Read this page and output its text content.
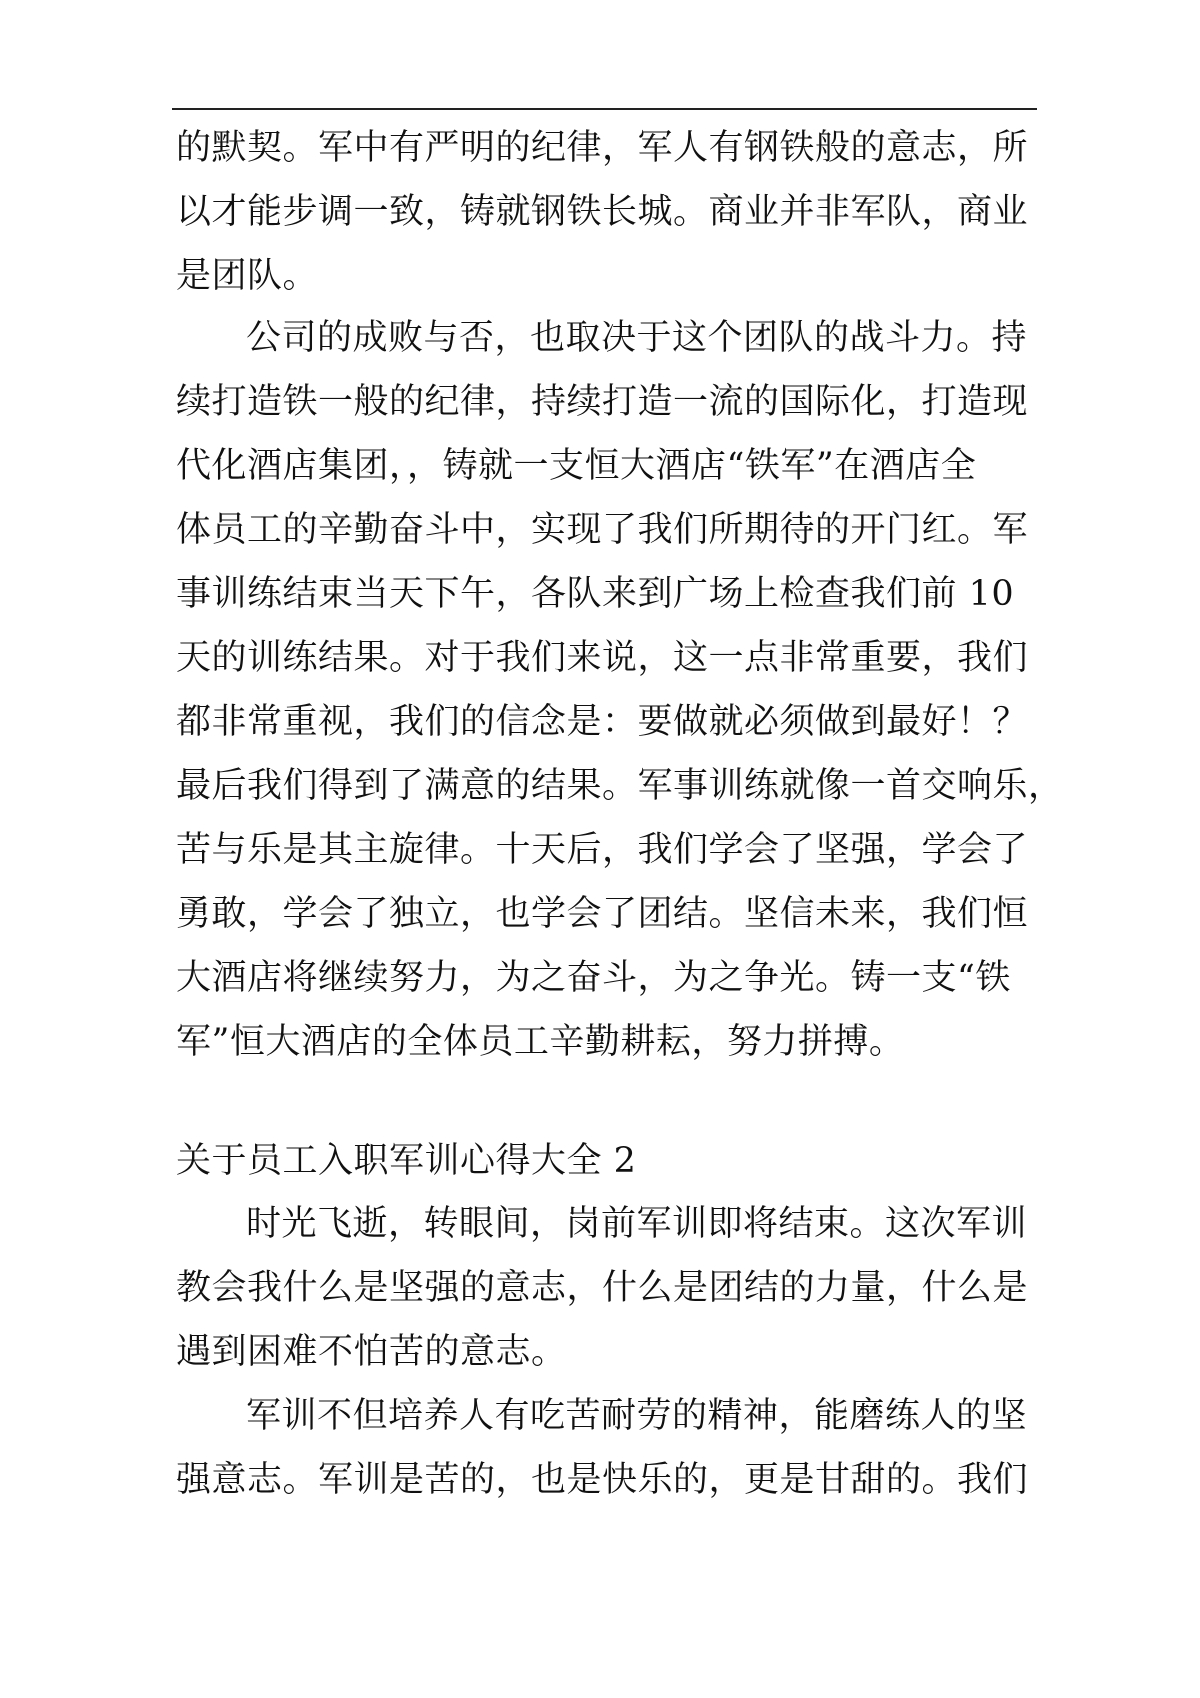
的默契。军中有严明的纪律，军人有钢铁般的意志，所

以才能步调一致，铸就钢铁长城。商业并非军队，商业

是团队。

公司的成败与否，也取决于这个团队的战斗力。持

续打造铁一般的纪律，持续打造一流的国际化，打造现

代化酒店集团，，铸就一支恒大酒店“铁军”在酒店全

体员工的辛勤奋斗中，实现了我们所期待的开门红。军

事训练结束当天下午，各队来到广场上检查我们前 10

天的训练结果。对于我们来说，这一点非常重要，我们

都非常重视，我们的信念是：要做就必须做到最好！？

最后我们得到了满意的结果。军事训练就像一首交响乐，

苦与乐是其主旋律。十天后，我们学会了坚强，学会了

勇敢，学会了独立，也学会了团结。坚信未来，我们恒

大酒店将继续努力，为之奋斗，为之争光。铸一支“铁

军”恒大酒店的全体员工辛勤耕耘，努力拼搏。

关于员工入职军训心得大全 2

时光飞逝，转眼间，岗前军训即将结束。这次军训

教会我什么是坚强的意志，什么是团结的力量，什么是

遇到困难不怕苦的意志。

军训不但培养人有吃苦耐劳的精神，能磨练人的坚

强意志。军训是苦的，也是快乐的，更是甘甜的。我们
